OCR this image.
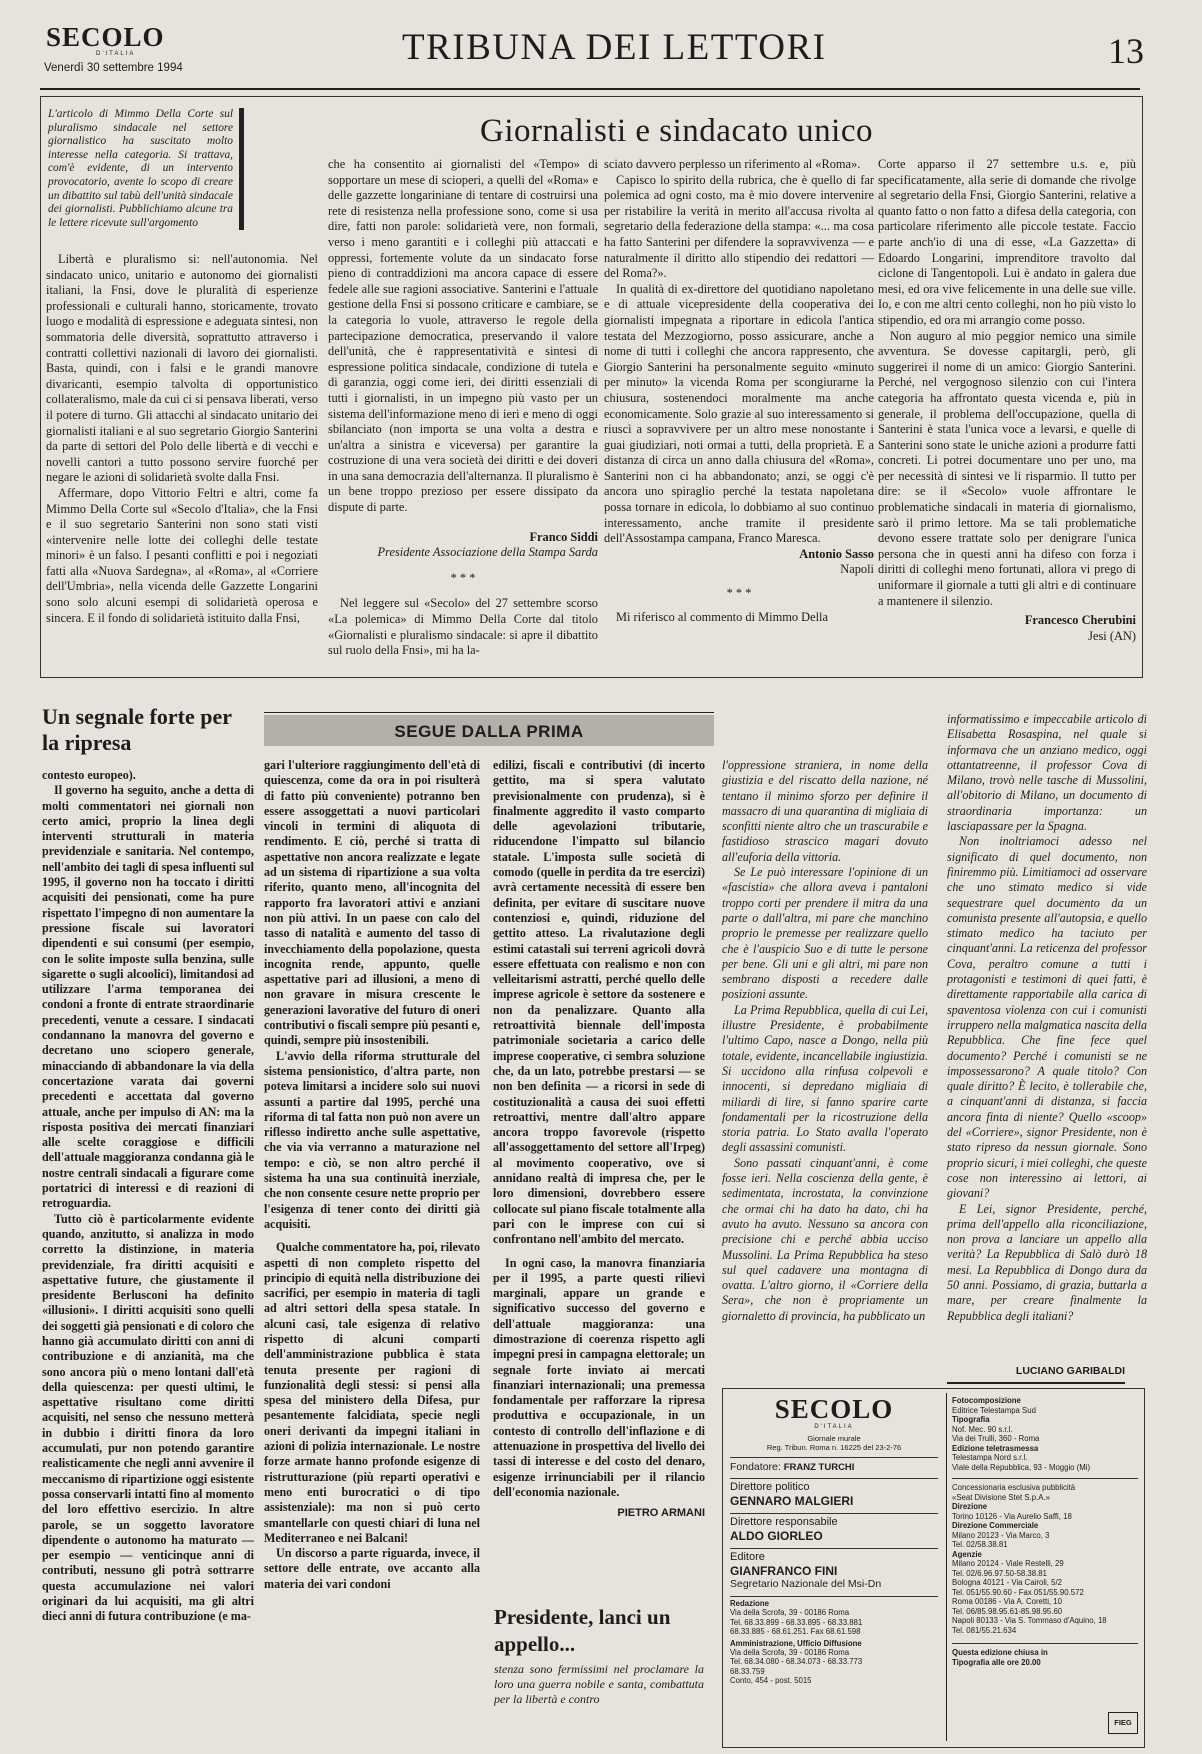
SECOLO
D'ITALIA
Venerdì 30 settembre 1994	TRIBUNA DEI LETTORI	13
L'articolo di Mimmo Della Corte sul pluralismo sindacale nel settore giornalistico ha suscitato molto interesse nella categoria. Si trattava, com'è evidente, di un intervento provocatorio, avente lo scopo di creare un dibattito sul tabù dell'unità sindacale dei giornalisti. Pubblichiamo alcune tra le lettere ricevute sull'argomento
Giornalisti e sindacato unico

Libertà e pluralismo si: nell'autonomia. Nel sindacato unico, unitario e autonomo dei giornalisti italiani, la Fnsi, dove le pluralità di esperienze professionali e culturali hanno, storicamente, trovato luogo e modalità di espressione e adeguata sintesi, non sommatoria delle diversità, soprattutto attraverso i contratti collettivi nazionali di lavoro dei giornalisti. Basta, quindi, con i falsi e le grandi manovre divaricanti, esempio talvolta di opportunistico collateralismo, male da cui ci si pensava liberati, verso il potere di turno. Gli attacchi al sindacato unitario dei giornalisti italiani e al suo segretario Giorgio Santerini da parte di settori del Polo delle libertà e di vecchi e novelli cantori a tutto possono servire fuorché per negare le azioni di solidarietà svolte dalla Fnsi.

Affermare, dopo Vittorio Feltri e altri, come fa Mimmo Della Corte sul «Secolo d'Italia», che la Fnsi e il suo segretario Santerini non sono stati visti «intervenire nelle lotte dei colleghi delle testate minori» è un falso. I pesanti conflitti e poi i negoziati fatti alla «Nuova Sardegna», al «Roma», al «Corriere dell'Umbria», nella vicenda delle Gazzette Longarini sono solo alcuni esempi di solidarietà operosa e sincera. E il fondo di solidarietà istituito dalla Fnsi,

che ha consentito ai giornalisti del «Tempo» di sopportare un mese di scioperi, a quelli del «Roma» e delle gazzette longariniane di tentare di costruirsi una rete di resistenza nella professione sono, come si usa dire, fatti non parole: solidarietà vere, non formali, verso i meno garantiti e i colleghi più attaccati e oppressi, fortemente volute da un sindacato forse pieno di contraddizioni ma ancora capace di essere fedele alle sue ragioni associative. Santerini e l'attuale gestione della Fnsi si possono criticare e cambiare, se la categoria lo vuole, attraverso le regole della partecipazione democratica, preservando il valore dell'unità, che è rappresentatività e sintesi di espressione politica sindacale, condizione di tutela e di garanzia, oggi come ieri, dei diritti essenziali di tutti i giornalisti, in un impegno più vasto per un sistema dell'informazione meno di ieri e meno di oggi sbilanciato (non importa se una volta a destra e un'altra a sinistra e viceversa) per garantire la costruzione di una vera società dei diritti e dei doveri in una sana democrazia dell'alternanza. Il pluralismo è un bene troppo prezioso per essere dissipato da dispute di parte.

Franco Siddi

Presidente Associazione della Stampa Sarda

* * *

Nel leggere sul «Secolo» del 27 settembre scorso «La polemica» di Mimmo Della Corte dal titolo «Giornalisti e pluralismo sindacale: si apre il dibattito sul ruolo della Fnsi», mi ha la-

sciato davvero perplesso un riferimento al «Roma».

Capisco lo spirito della rubrica, che è quello di far polemica ad ogni costo, ma è mio dovere intervenire per ristabilire la verità in merito all'accusa rivolta al segretario della federazione della stampa: «... ma cosa ha fatto Santerini per difendere la sopravvivenza — e naturalmente il diritto allo stipendio dei redattori — del Roma?».

In qualità di ex-direttore del quotidiano napoletano e di attuale vicepresidente della cooperativa dei giornalisti impegnata a riportare in edicola l'antica testata del Mezzogiorno, posso assicurare, anche a nome di tutti i colleghi che ancora rappresento, che Giorgio Santerini ha personalmente seguito «minuto per minuto» la vicenda Roma per scongiurarne la chiusura, sostenendoci moralmente ma anche economicamente. Solo grazie al suo interessamento si riuscì a sopravvivere per un altro mese nonostante i guai giudiziari, noti ormai a tutti, della proprietà. E a distanza di circa un anno dalla chiusura del «Roma», Santerini non ci ha abbandonato; anzi, se oggi c'è ancora uno spiraglio perché la testata napoletana possa tornare in edicola, lo dobbiamo al suo continuo interessamento, anche tramite il presidente dell'Assostampa campana, Franco Maresca.

Antonio Sasso

Napoli

* * *

Mi riferisco al commento di Mimmo Della

Corte apparso il 27 settembre u.s. e, più specificatamente, alla serie di domande che rivolge al segretario della Fnsi, Giorgio Santerini, relative a quanto fatto o non fatto a difesa della categoria, con particolare riferimento alle piccole testate. Faccio parte anch'io di una di esse, «La Gazzetta» di Edoardo Longarini, imprenditore travolto dal ciclone di Tangentopoli. Lui è andato in galera due mesi, ed ora vive felicemente in una delle sue ville. Io, e con me altri cento colleghi, non ho più visto lo stipendio, ed ora mi arrangio come posso.

Non auguro al mio peggior nemico una simile avventura. Se dovesse capitargli, però, gli suggerirei il nome di un amico: Giorgio Santerini. Perché, nel vergognoso silenzio con cui l'intera categoria ha affrontato questa vicenda e, più in generale, il problema dell'occupazione, quella di Santerini è stata l'unica voce a levarsi, e quelle di Santerini sono state le uniche azioni a produrre fatti concreti. Li potrei documentare uno per uno, ma per necessità di sintesi ve li risparmio. Il tutto per dire: se il «Secolo» vuole affrontare le problematiche sindacali in materia di giornalismo, sarò il primo lettore. Ma se tali problematiche devono essere trattate solo per denigrare l'unica persona che in questi anni ha difeso con forza i diritti di colleghi meno fortunati, allora vi prego di uniformare il giornale a tutti gli altri e di continuare a mantenere il silenzio.

Francesco Cherubini

Jesi (AN)

Un segnale forte per la ripresa	SEGUE DALLA PRIMA

contesto europeo).

Il governo ha seguito, anche a detta di molti commentatori nei giornali non certo amici, proprio la linea degli interventi strutturali in materia previdenziale e sanitaria. Nel contempo, nell'ambito dei tagli di spesa influenti sul 1995, il governo non ha toccato i diritti acquisiti dei pensionati, come ha pure rispettato l'impegno di non aumentare la pressione fiscale sui lavoratori dipendenti e sui consumi (per esempio, con le solite imposte sulla benzina, sulle sigarette o sugli alcoolici), limitandosi ad utilizzare l'arma temporanea dei condoni a fronte di entrate straordinarie precedenti, venute a cessare. I sindacati condannano la manovra del governo e decretano uno sciopero generale, minacciando di abbandonare la via della concertazione varata dai governi precedenti e accettata dal governo attuale, anche per impulso di AN: ma la risposta positiva dei mercati finanziari alle scelte coraggiose e difficili dell'attuale maggioranza condanna già le nostre centrali sindacali a figurare come portatrici di interessi e di reazioni di retroguardia.

Tutto ciò è particolarmente evidente quando, anzitutto, si analizza in modo corretto la distinzione, in materia previdenziale, fra diritti acquisiti e aspettative future, che giustamente il presidente Berlusconi ha definito «illusioni». I diritti acquisiti sono quelli dei soggetti già pensionati e di coloro che hanno già accumulato diritti con anni di contribuzione e di anzianità, ma che sono ancora più o meno lontani dall'età della quiescenza: per questi ultimi, le aspettative risultano come diritti acquisiti, nel senso che nessuno metterà in dubbio i diritti finora da loro accumulati, pur non potendo garantire realisticamente che negli anni avvenire il meccanismo di ripartizione oggi esistente possa conservarli intatti fino al momento del loro effettivo esercizio. In altre parole, se un soggetto lavoratore dipendente o autonomo ha maturato — per esempio — venticinque anni di contributi, nessuno gli potrà sottrarre questa accumulazione nei valori originari da lui acquisiti, ma gli altri dieci anni di futura contribuzione (e ma-

gari l'ulteriore raggiungimento dell'età di quiescenza, come da ora in poi risulterà di fatto più conveniente) potranno ben essere assoggettati a nuovi particolari vincoli in termini di aliquota di rendimento. E ciò, perché si tratta di aspettative non ancora realizzate e legate ad un sistema di ripartizione a sua volta riferito, quanto meno, all'incognita del rapporto fra lavoratori attivi e anziani non più attivi. In un paese con calo del tasso di natalità e aumento del tasso di invecchiamento della popolazione, questa incognita rende, appunto, quelle aspettative pari ad illusioni, a meno di non gravare in misura crescente le generazioni lavorative del futuro di oneri contributivi o fiscali sempre più pesanti e, quindi, sempre più insostenibili.

L'avvio della riforma strutturale del sistema pensionistico, d'altra parte, non poteva limitarsi a incidere solo sui nuovi assunti a partire dal 1995, perché una riforma di tal fatta non può non avere un riflesso indiretto anche sulle aspettative, che via via verranno a maturazione nel tempo: e ciò, se non altro perché il sistema ha una sua continuità inerziale, che non consente cesure nette proprio per l'esigenza di tener conto dei diritti già acquisiti.

Qualche commentatore ha, poi, rilevato aspetti di non completo rispetto del principio di equità nella distribuzione dei sacrifici, per esempio in materia di tagli ad altri settori della spesa statale. In alcuni casi, tale esigenza di relativo rispetto di alcuni comparti dell'amministrazione pubblica è stata tenuta presente per ragioni di funzionalità degli stessi: si pensi alla spesa del ministero della Difesa, pur pesantemente falcidiata, specie negli oneri derivanti da impegni italiani in azioni di polizia internazionale. Le nostre forze armate hanno profonde esigenze di ristrutturazione (più reparti operativi e meno enti burocratici o di tipo assistenziale): ma non si può certo smantellarle con questi chiari di luna nel Mediterraneo e nei Balcani!

Un discorso a parte riguarda, invece, il settore delle entrate, ove accanto alla materia dei vari condoni

edilizi, fiscali e contributivi (di incerto gettito, ma si spera valutato previsionalmente con prudenza), si è finalmente aggredito il vasto comparto delle agevolazioni tributarie, riducendone l'impatto sul bilancio statale. L'imposta sulle società di comodo (quelle in perdita da tre esercizi) avrà certamente necessità di essere ben definita, per evitare di suscitare nuove contenziosi e, quindi, riduzione del gettito atteso. La rivalutazione degli estimi catastali sui terreni agricoli dovrà essere effettuata con realismo e non con velleitarismi astratti, perché quello delle imprese agricole è settore da sostenere e non da penalizzare. Quanto alla retroattività biennale dell'imposta patrimoniale societaria a carico delle imprese cooperative, ci sembra soluzione che, da un lato, potrebbe prestarsi — se non ben definita — a ricorsi in sede di costituzionalità a causa dei suoi effetti retroattivi, mentre dall'altro appare ancora troppo favorevole (rispetto all'assoggettamento del settore all'Irpeg) al movimento cooperativo, ove si annidano realtà di impresa che, per le loro dimensioni, dovrebbero essere collocate sul piano fiscale totalmente alla pari con le imprese con cui si confrontano nell'ambito del mercato.

In ogni caso, la manovra finanziaria per il 1995, a parte questi rilievi marginali, appare un grande e significativo successo del governo e dell'attuale maggioranza: una dimostrazione di coerenza rispetto agli impegni presi in campagna elettorale; un segnale forte inviato ai mercati finanziari internazionali; una premessa fondamentale per rafforzare la ripresa produttiva e occupazionale, in un contesto di controllo dell'inflazione e di attenuazione in prospettiva del livello dei tassi di interesse e del costo del denaro, esigenze irrinunciabili per il rilancio dell'economia nazionale.

PIETRO ARMANI

l'oppressione straniera, in nome della giustizia e del riscatto della nazione, né tentano il minimo sforzo per definire il massacro di una quarantina di migliaia di sconfitti niente altro che un trascurabile e fastidioso strascico magari dovuto all'euforia della vittoria.

Se Le può interessare l'opinione di un «fascistia» che allora aveva i pantaloni troppo corti per prendere il mitra da una parte o dall'altra, mi pare che manchino proprio le premesse per realizzare quello che è l'auspicio Suo e di tutte le persone per bene. Gli uni e gli altri, mi pare non sembrano disposti a recedere dalle posizioni assunte.

La Prima Repubblica, quella di cui Lei, illustre Presidente, è probabilmente l'ultimo Capo, nasce a Dongo, nella più totale, evidente, incancellabile ingiustizia. Si uccidono alla rinfusa colpevoli e innocenti, si depredano migliaia di miliardi di lire, si fanno sparire carte fondamentali per la ricostruzione della storia patria. Lo Stato avalla l'operato degli assassini comunisti.

Sono passati cinquant'anni, è come fosse ieri. Nella coscienza della gente, è sedimentata, incrostata, la convinzione che ormai chi ha dato ha dato, chi ha avuto ha avuto. Nessuno sa ancora con precisione chi e perché abbia ucciso Mussolini. La Prima Repubblica ha steso sul quel cadavere una montagna di ovatta. L'altro giorno, il «Corriere della Sera», che non è propriamente un giornaletto di provincia, ha pubblicato un

informatissimo e impeccabile articolo di Elisabetta Rosaspina, nel quale si informava che un anziano medico, oggi ottantatreenne, il professor Cova di Milano, trovò nelle tasche di Mussolini, all'obitorio di Milano, un documento di straordinaria importanza: un lasciapassare per la Spagna.

Non inoltriamoci adesso nel significato di quel documento, non finiremmo più. Limitiamoci ad osservare che uno stimato medico si vide sequestrare quel documento da un comunista presente all'autopsia, e quello stimato medico ha taciuto per cinquant'anni. La reticenza del professor Cova, peraltro comune a tutti i protagonisti e testimoni di quei fatti, è direttamente rapportabile alla carica di spaventosa violenza con cui i comunisti irruppero nella malgmatica nascita della Repubblica. Che fine fece quel documento? Perché i comunisti se ne impossessarono? A quale titolo? Con quale diritto? È lecito, è tollerabile che, a cinquant'anni di distanza, si faccia ancora finta di niente? Quello «scoop» del «Corriere», signor Presidente, non è stato ripreso da nessun giornale. Sono proprio sicuri, i miei colleghi, che queste cose non interessino ai lettori, ai giovani?

E Lei, signor Presidente, perché, prima dell'appello alla riconciliazione, non prova a lanciare un appello alla verità? La Repubblica di Salò durò 18 mesi. La Repubblica di Dongo dura da 50 anni. Possiamo, di grazia, buttarla a mare, per creare finalmente la Repubblica degli italiani?

LUCIANO GARIBALDI
Presidente, lanci un appello...
stenza sono fermissimi nel proclamare la loro una guerra nobile e santa, combattuta per la libertà e contro
SECOLO
D'ITALIA
Giornale murale
Reg. Tribun. Roma n. 16225 del 23-2-76
Fondatore: FRANZ TURCHI
Direttore politico
GENNARO MALGIERI
Direttore responsabile
ALDO GIORLEO
Editore
GIANFRANCO FINI
Segretario Nazionale del Msi-Dn
Redazione
Via della Scrofa, 39 - 00186 Roma
Tel. 68.33.899 - 68.33.895 - 68.33.881
68.33.885 - 68.61.251. Fax 68.61.598
Amministrazione, Ufficio Diffusione
Via della Scrofa, 39 - 00186 Roma
Tel. 68.34.080 - 68.34.073 - 68.33.773
68.33.759
Conto, 454 - post. 5015
Fotocomposizione
Editrice Telestampa Sud
Tipografia
Nof. Mec. 90 s.r.l.
Via dei Trulli, 360 - Roma
Edizione teletrasmessa
Telestampa Nord s.r.l.
Viale della Repubblica, 93 - Moggio (Mi)
Concessionaria esclusiva pubblicità
«Seat Divisione Stet S.p.A.»
Direzione
Torino 10126 - Via Aurelio Saffi, 18
Direzione Commerciale
Milano 20123 - Via Marco, 3
Tel. 02/58.38.81
Agenzie
Milano 20124 - Viale Restelli, 29
Tel. 02/6.96.97.50-58.38.81
Bologna 40121 - Via Cairoli, 5/2
Tel. 051/55.90.60 - Fax 051/55.90.572
Roma 00186 - Via A. Coretti, 10
Tel. 06/85.98.95.61-85.98.95.60
Napoli 80133 - Via S. Tommaso d'Aquino, 18
Tel. 081/55.21.634
Questa edizione chiusa in
Tipografia alle ore 20.00
FIEG
